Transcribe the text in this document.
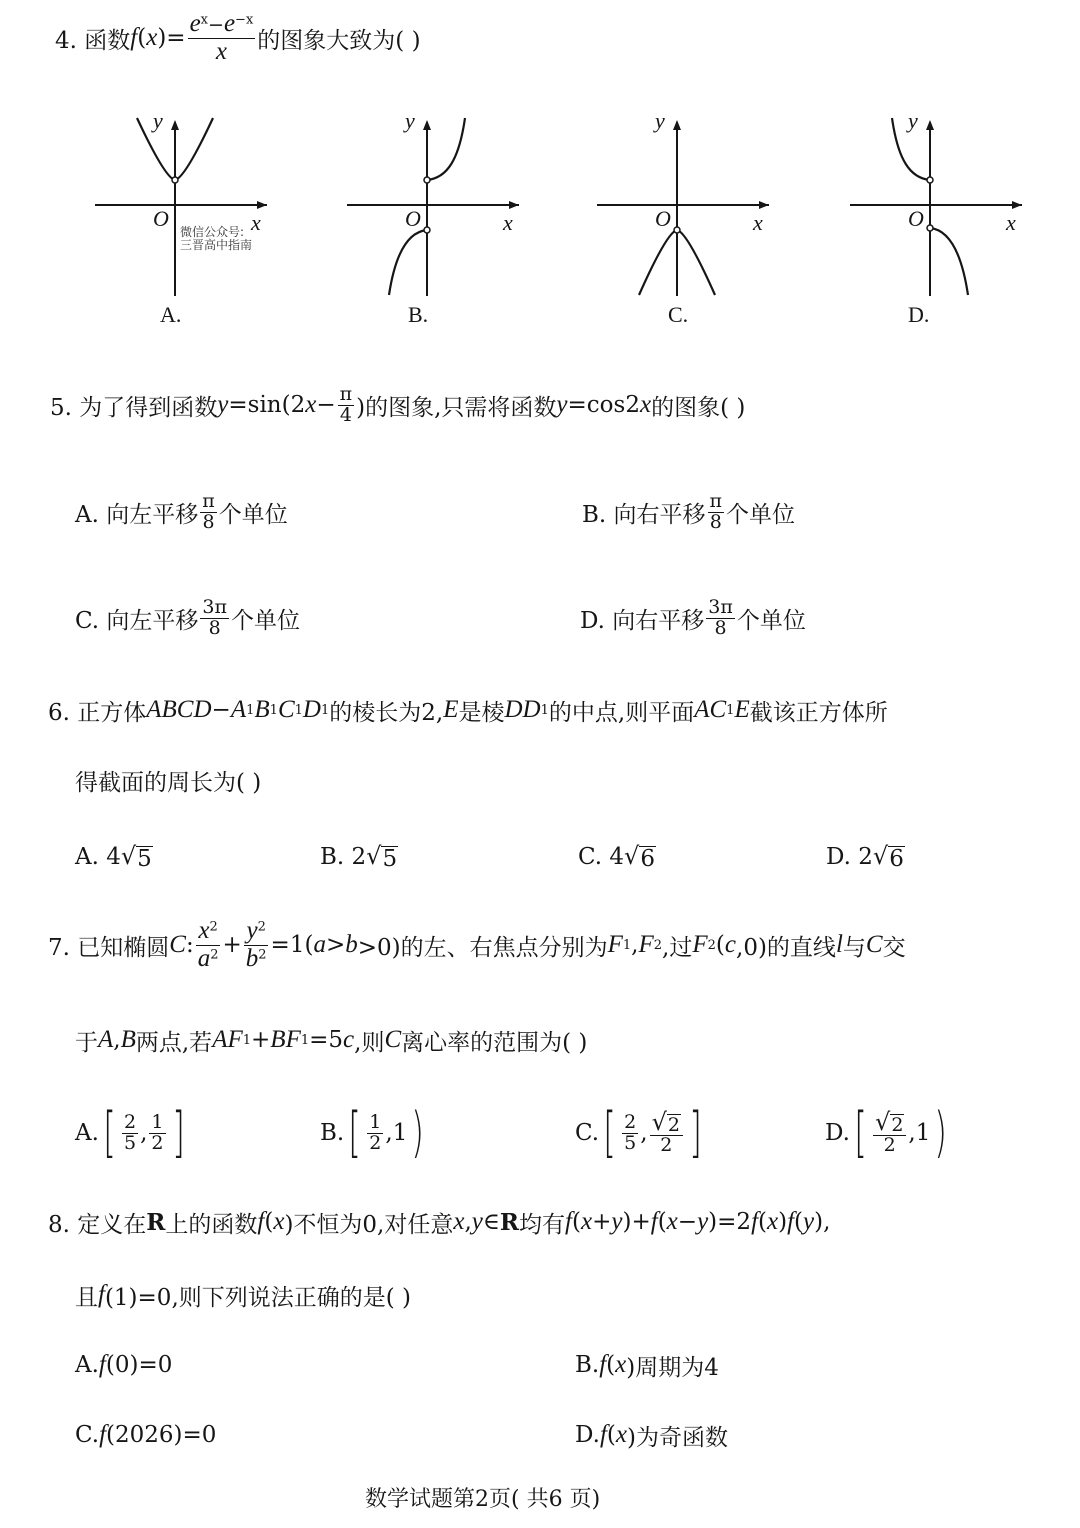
4. 函数 f ( x )= $\frac{e^x-e^{-x}}{x}$ 的图象大致为( )
y
x
O
y
x
O
y
x
O
y
x
O
微信公众号:
三晋高中指南
A.	B.	C.	D.
5. 为了得到函数 y =sin(2 $x - \frac{\pi}{4}$ )的图象,只需将函数 y =cos2 x 的图象( )
A. 向左平移 $\frac{\pi}{8}$ 个单位	B. 向右平移 $\frac{\pi}{8}$ 个单位
C. 向左平移 $\frac{3\pi}{8}$ 个单位	D. 向右平移 $\frac{3\pi}{8}$ 个单位
6. 正方体 ABCD − A 1 B 1 C 1 D 1 的棱长为2, E 是棱 DD 1 的中点,则平面 AC 1 E 截该正方体所
得截面的周长为( )
A. 4 √ 5	B. 2 √ 5	C. 4 √ 6	D. 2 √ 6
7. 已知椭圆 C : $\frac{x^2}{a^2} + \frac{y^2}{b^2} =1$( a > b >0)的左、右焦点分别为 F 1 , F 2 ,过 F 2 ( c ,0)的直线 l 与 C 交
于 A , B 两点,若 AF 1 + BF 1 =5 c ,则 C 离心率的范围为( )
A. [ $\frac{2}{5}$ , $\frac{1}{2}$ ]	B. [ $\frac{1}{2} ,1$ )	C. [ $\frac{2}{5}$ , $\frac{√ 2}{2}$ ]	D. [ $\frac{√ 2}{2} ,1$ )
8. 定义在 R 上的函数 f ( x )不恒为0,对任意 x , y ∈ R 均有 f ( x + y )+ f ( x − y )=2 f ( x ) f ( y ),
且 f (1)=0,则下列说法正确的是( )
A. f (0)=0	B. f ( x )周期为4
C. f (2026)=0	D. f ( x )为奇函数
数学试题第2页( 共6 页)
